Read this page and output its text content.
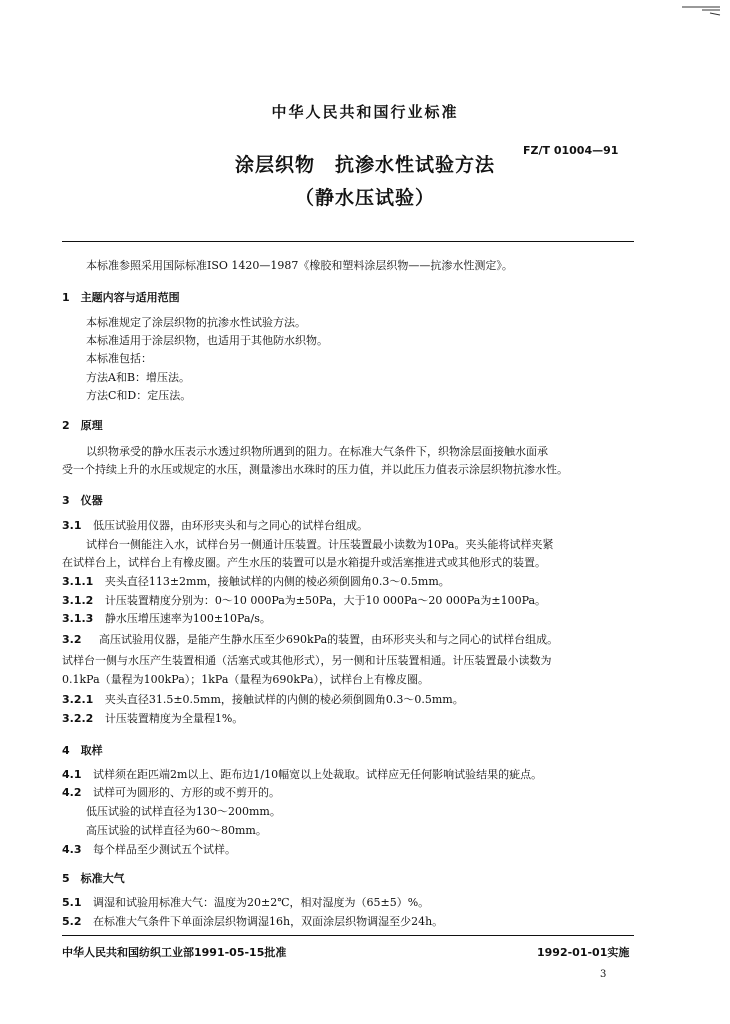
中华人民共和国行业标准
涂层织物　抗渗水性试验方法
（静水压试验）
FZ/T 01004—91
本标准参照采用国际标准ISO 1420—1987《橡胶和塑料涂层织物——抗渗水性测定》。
1　主题内容与适用范围
本标准规定了涂层织物的抗渗水性试验方法。
本标准适用于涂层织物，也适用于其他防水织物。
本标准包括：
方法A和B：增压法。
方法C和D：定压法。
2　原理
以织物承受的静水压表示水透过织物所遇到的阻力。在标准大气条件下，织物涂层面接触水面承
受一个持续上升的水压或规定的水压，测量渗出水珠时的压力值，并以此压力值表示涂层织物抗渗水性。
3　仪器
3.1 低压试验用仪器，由环形夹头和与之同心的试样台组成。
试样台一侧能注入水，试样台另一侧通计压装置。计压装置最小读数为10Pa。夹头能将试样夹紧
在试样台上，试样台上有橡皮圈。产生水压的装置可以是水箱提升或活塞推进式或其他形式的装置。
3.1.1 夹头直径113±2mm，接触试样的内侧的棱必须倒圆角0.3～0.5mm。
3.1.2 计压装置精度分别为：0～10 000Pa为±50Pa，大于10 000Pa～20 000Pa为±100Pa。
3.1.3 静水压增压速率为100±10Pa/s。
3.2 高压试验用仪器，是能产生静水压至少690kPa的装置，由环形夹头和与之同心的试样台组成。
试样台一侧与水压产生装置相通（活塞式或其他形式），另一侧和计压装置相通。计压装置最小读数为
0.1kPa（量程为100kPa）；1kPa（量程为690kPa），试样台上有橡皮圈。
3.2.1 夹头直径31.5±0.5mm，接触试样的内侧的棱必须倒圆角0.3～0.5mm。
3.2.2 计压装置精度为全量程1%。
4　取样
4.1 试样须在距匹端2m以上、距布边1/10幅宽以上处裁取。试样应无任何影响试验结果的疵点。
4.2 试样可为圆形的、方形的或不剪开的。
低压试验的试样直径为130～200mm。
高压试验的试样直径为60～80mm。
4.3 每个样品至少测试五个试样。
5　标准大气
5.1 调湿和试验用标准大气：温度为20±2℃，相对湿度为（65±5）%。
5.2 在标准大气条件下单面涂层织物调湿16h，双面涂层织物调湿至少24h。
中华人民共和国纺织工业部1991-05-15批准	1992-01-01实施
3
